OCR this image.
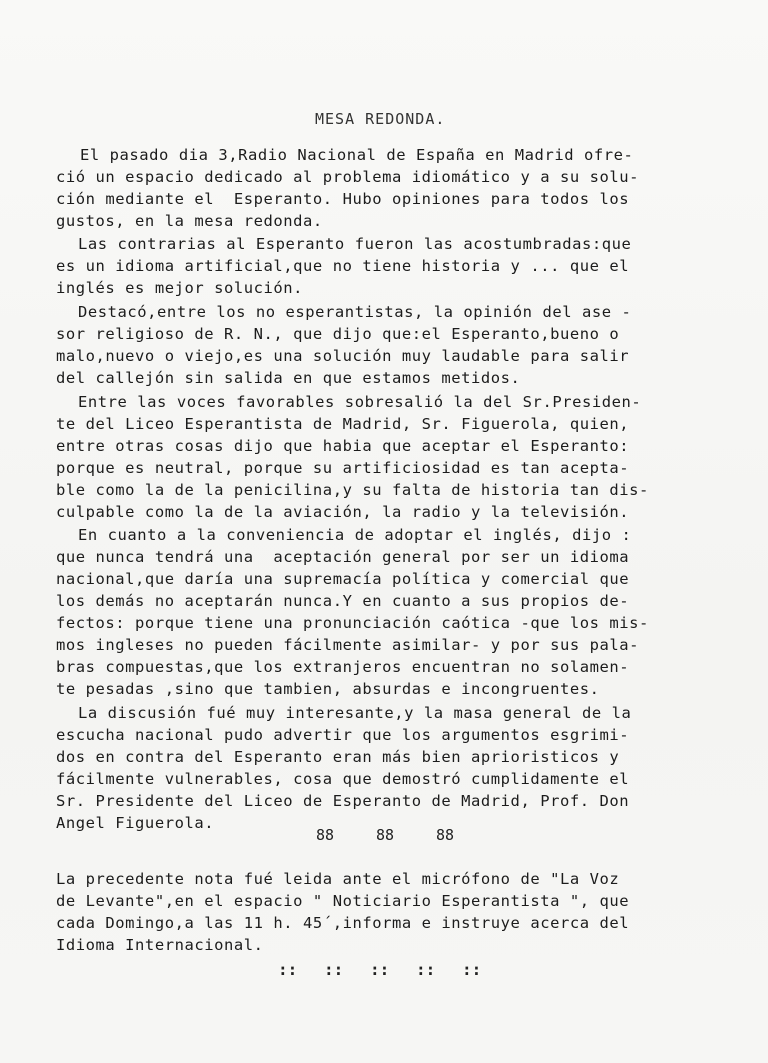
MESA REDONDA.
El pasado dia 3,Radio Nacional de España en Madrid ofre-
ció un espacio dedicado al problema idiomático y a su solu-
ción mediante el  Esperanto. Hubo opiniones para todos los
gustos, en la mesa redonda.
Las contrarias al Esperanto fueron las acostumbradas:que
es un idioma artificial,que no tiene historia y ... que el
inglés es mejor solución.
Destacó,entre los no esperantistas, la opinión del ase -
sor religioso de R. N., que dijo que:el Esperanto,bueno o
malo,nuevo o viejo,es una solución muy laudable para salir
del callejón sin salida en que estamos metidos.
Entre las voces favorables sobresalió la del Sr.Presiden-
te del Liceo Esperantista de Madrid, Sr. Figuerola, quien,
entre otras cosas dijo que habia que aceptar el Esperanto:
porque es neutral, porque su artificiosidad es tan acepta-
ble como la de la penicilina,y su falta de historia tan dis-
culpable como la de la aviación, la radio y la televisión.
En cuanto a la conveniencia de adoptar el inglés, dijo :
que nunca tendrá una  aceptación general por ser un idioma
nacional,que daría una supremacía política y comercial que
los demás no aceptarán nunca.Y en cuanto a sus propios de-
fectos: porque tiene una pronunciación caótica -que los mis-
mos ingleses no pueden fácilmente asimilar- y por sus pala-
bras compuestas,que los extranjeros encuentran no solamen-
te pesadas ,sino que tambien, absurdas e incongruentes.
La discusión fué muy interesante,y la masa general de la
escucha nacional pudo advertir que los argumentos esgrimi-
dos en contra del Esperanto eran más bien aprioristicos y
fácilmente vulnerables, cosa que demostró cumplidamente el
Sr. Presidente del Liceo de Esperanto de Madrid, Prof. Don
Angel Figuerola.
88	88	88
La precedente nota fué leida ante el micrófono de "La Voz
de Levante",en el espacio " Noticiario Esperantista ", que
cada Domingo,a las 11 h. 45´,informa e instruye acerca del
Idioma Internacional.
:: :: :: :: ::
